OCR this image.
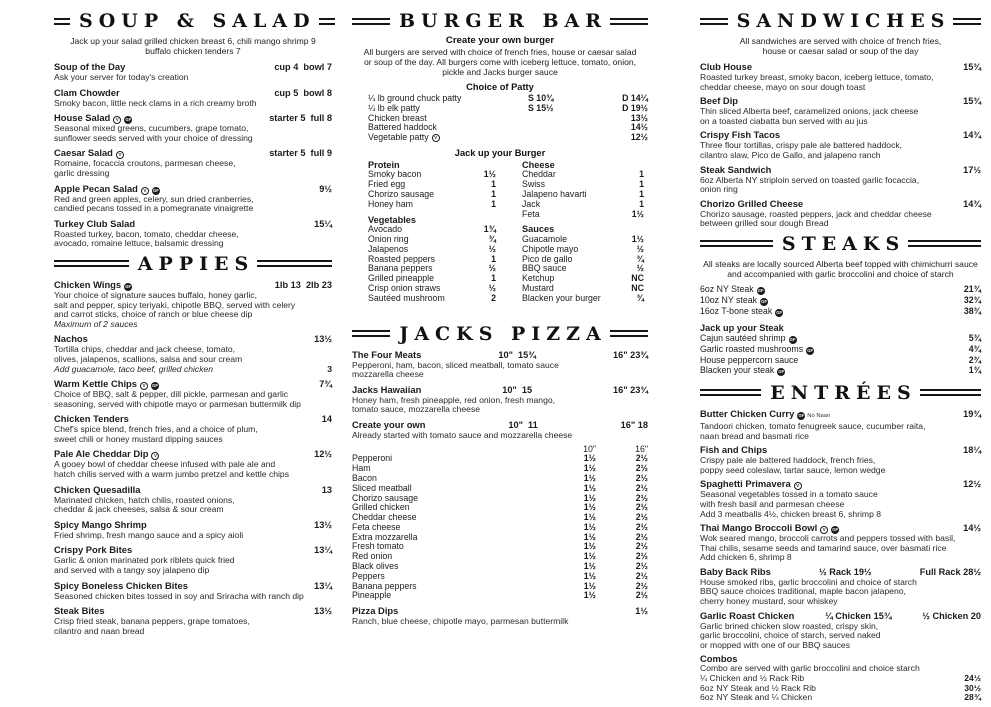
SOUP & SALAD
Jack up your salad grilled chicken breast 6, chili mango shrimp 9
buffalo chicken tenders 7
Soup of the Day	cup 4  bowl 7
Ask your server for today's creation
Clam Chowder	cup 5  bowl 8
Smoky bacon, little neck clams in a rich creamy broth
House Salad	V	GF	starter 5  full 8
Seasonal mixed greens, cucumbers, grape tomato,
sunflower seeds served with your choice of dressing
Caesar Salad	V	starter 5  full 9
Romaine, focaccia croutons, parmesan cheese,
garlic dressing
Apple Pecan Salad	V	GF	9½
Red and green apples, celery, sun dried cranberries,
candied pecans tossed in a pomegranate vinaigrette
Turkey Club Salad	15¼
Roasted turkey, bacon, tomato, cheddar cheese,
avocado, romaine lettuce, balsamic dressing
APPIES
Chicken Wings GF	1lb 13  2lb 23
Your choice of signature sauces buffalo, honey garlic,
salt and pepper, spicy teriyaki, chipotle BBQ, served with celery
and carrot sticks, choice of ranch or blue cheese dip
Maximum of 2 sauces
Nachos	13½
Tortilla chips, cheddar and jack cheese, tomato,
olives, jalapenos, scallions, salsa and sour cream
Add guacamole, taco beef, grilled chicken	3
Warm Kettle Chips	V	GF	7¾
Choice of BBQ, salt & pepper, dill pickle, parmesan and garlic
seasoning, served with chipotle mayo or parmesan buttermilk dip
Chicken Tenders	14
Chef's spice blend, french fries, and a choice of plum,
sweet chili or honey mustard dipping sauces
Pale Ale Cheddar Dip	V	12½
A gooey bowl of cheddar cheese infused with pale ale and
hatch chilis served with a warm jumbo pretzel and kettle chips
Chicken Quesadilla	13
Marinated chicken, hatch chilis, roasted onions,
cheddar & jack cheeses, salsa & sour cream
Spicy Mango Shrimp	13½
Fried shrimp, fresh mango sauce and a spicy aioli
Crispy Pork Bites	13¼
Garlic & onion marinated pork riblets quick fried
and served with a tangy soy jalapeno dip
Spicy Boneless Chicken Bites	13¼
Seasoned chicken bites tossed in soy and Sriracha with ranch dip
Steak Bites	13½
Crisp fried steak, banana peppers, grape tomatoes,
cilantro and naan bread
BURGER BAR
Create your own burger
All burgers are served with choice of french fries, house or caesar salad
or soup of the day. All burgers come with iceberg lettuce, tomato, onion,
pickle and Jacks burger sauce
Choice of Patty
¼ lb ground chuck patty	S 10¾	D 14¼
¼ lb elk patty	S 15½	D 19½
Chicken breast	13½
Battered haddock	14½
Vegetable patty V	12½
Jack up your Burger
Protein
Smoky bacon	1½
Fried egg	1
Chorizo sausage	1
Honey ham	1
Vegetables
Avocado	1¾
Onion ring	¾
Jalapenos	½
Roasted peppers	1
Banana peppers	½
Grilled pineapple	1
Crisp onion straws	½
Sautéed mushroom	2
Cheese
Cheddar	1
Swiss	1
Jalapeno havarti	1
Jack	1
Feta	1½
Sauces
Guacamole	1½
Chipotle mayo	½
Pico de gallo	¾
BBQ sauce	½
Ketchup	NC
Mustard	NC
Blacken your burger	¾
JACKS PIZZA
The Four Meats	10"  15¾	16" 23¾
Pepperoni, ham, bacon, sliced meatball, tomato sauce
mozzarella cheese
Jacks Hawaiian	10"  15	16" 23¾
Honey ham, fresh pineapple, red onion, fresh mango,
tomato sauce, mozzarella cheese
Create your own	10"  11	16" 18
Already started with tomato sauce and mozzarella cheese
10"	16"
Pepperoni	1½	2½
Ham	1½	2½
Bacon	1½	2½
Sliced meatball	1½	2½
Chorizo sausage	1½	2½
Grilled chicken	1½	2½
Cheddar cheese	1½	2½
Feta cheese	1½	2½
Extra mozzarella	1½	2½
Fresh tomato	1½	2½
Red onion	1½	2½
Black olives	1½	2½
Peppers	1½	2½
Banana peppers	1½	2½
Pineapple	1½	2½
Pizza Dips	1½
Ranch, blue cheese, chipotle mayo, parmesan buttermilk
SANDWICHES
All sandwiches are served with choice of french fries,
house or caesar salad or soup of the day
Club House	15¾
Roasted turkey breast, smoky bacon, iceberg lettuce, tomato,
cheddar cheese, mayo on sour dough toast
Beef Dip	15¾
Thin sliced Alberta beef, caramelized onions, jack cheese
on a toasted ciabatta bun served with au jus
Crispy Fish Tacos	14¾
Three flour tortillas, crispy pale ale battered haddock,
cilantro slaw, Pico de Gallo, and jalapeno ranch
Steak Sandwich	17½
6oz Alberta NY striploin served on toasted garlic focaccia,
onion ring
Chorizo Grilled Cheese	14¾
Chorizo sausage, roasted peppers, jack and cheddar cheese
between grilled sour dough Bread
STEAKS
All steaks are locally sourced Alberta beef topped with chimichurri sauce
and accompanied with garlic broccolini and choice of starch
6oz NY Steak GF	21¾
10oz NY steak GF	32¾
16oz T-bone steak GF	38¾
Jack up your Steak
Cajun sautéed shrimp GF	5¾
Garlic roasted mushrooms GF	4¾
House peppercorn sauce	2¾
Blacken your steak GF	1¾
ENTRÉES
Butter Chicken Curry GF No Naan	19¾
Tandoori chicken, tomato fenugreek sauce, cucumber raita,
naan bread and basmati rice
Fish and Chips	18¼
Crispy pale ale battered haddock, french fries,
poppy seed coleslaw, tartar sauce, lemon wedge
Spaghetti Primavera	V	12½
Seasonal vegetables tossed in a tomato sauce
with fresh basil and parmesan cheese
Add 3 meatballs 4½, chicken breast 6, shrimp 8
Thai Mango Broccoli Bowl	V	GF	14½
Wok seared mango, broccoli carrots and peppers tossed with basil,
Thai chilis, sesame seeds and tamarind sauce, over basmati rice
Add chicken 6, shrimp 8
Baby Back Ribs	½ Rack 19½	Full Rack 28½
House smoked ribs, garlic broccolini and choice of starch
BBQ sauce choices traditional, maple bacon jalapeno,
cherry honey mustard, sour whiskey
Garlic Roast Chicken	¼ Chicken 15¾	½ Chicken 20
Garlic brined chicken slow roasted, crispy skin,
garlic broccolini, choice of starch, served naked
or mopped with one of our BBQ sauces
Combos
Combo are served with garlic broccolini and choice starch
¼ Chicken and ½ Rack Rib	24½
6oz NY Steak and ½ Rack Rib	30½
6oz NY Steak and ¼ Chicken	28¾
